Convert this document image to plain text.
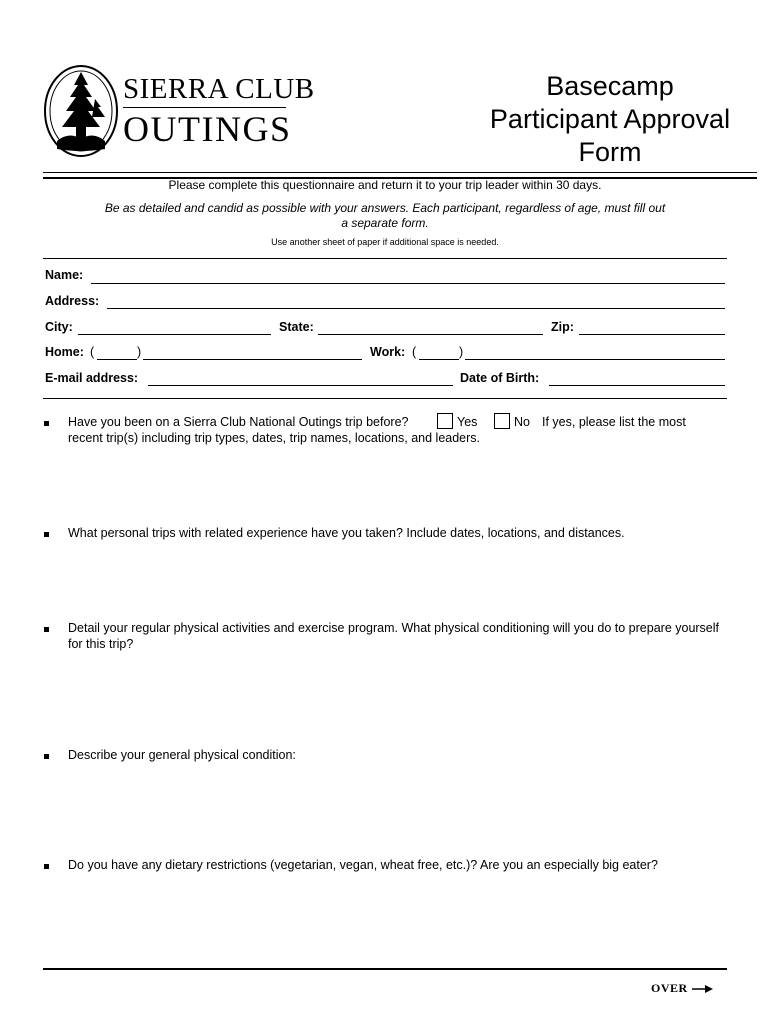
SIERRA CLUB
OUTINGS
Basecamp
Participant Approval
Form
Please complete this questionnaire and return it to your trip leader within 30 days.
Be as detailed and candid as possible with your answers. Each participant, regardless of age, must fill out a separate form.
Use another sheet of paper if additional space is needed.
Name:
Address:
City:	State:	Zip:
Home: (	)	Work: (	)
E-mail address:	Date of Birth:
Have you been on a Sierra Club National Outings trip before?	Yes	No If yes, please list the most
recent trip(s) including trip types, dates, trip names, locations, and leaders.
What personal trips with related experience have you taken? Include dates, locations, and distances.
Detail your regular physical activities and exercise program. What physical conditioning will you do to prepare yourself for this trip?
Describe your general physical condition:
Do you have any dietary restrictions (vegetarian, vegan, wheat free, etc.)? Are you an especially big eater?
OVER
